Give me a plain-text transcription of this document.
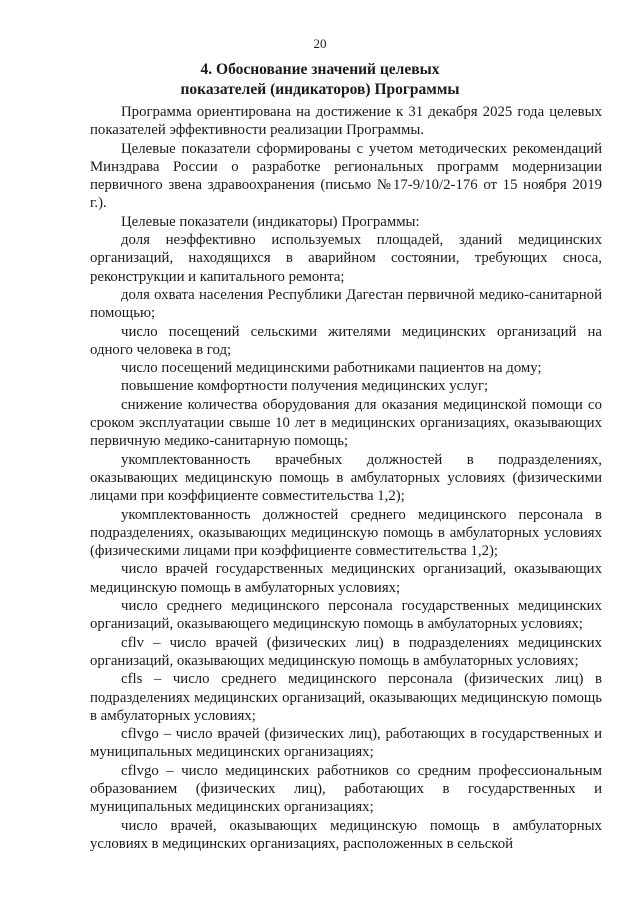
20
4. Обоснование значений целевых
показателей (индикаторов) Программы

Программа ориентирована на достижение к 31 декабря 2025 года целевых показателей эффективности реализации Программы.

Целевые показатели сформированы с учетом методических рекомендаций Минздрава России о разработке региональных программ модернизации первичного звена здравоохранения (письмо №17-9/10/2-176 от 15 ноября 2019 г.).

Целевые показатели (индикаторы) Программы:

доля неэффективно используемых площадей, зданий медицинских организаций, находящихся в аварийном состоянии, требующих сноса, реконструкции и капитального ремонта;

доля охвата населения Республики Дагестан первичной медико-санитарной помощью;

число посещений сельскими жителями медицинских организаций на одного человека в год;

число посещений медицинскими работниками пациентов на дому;

повышение комфортности получения медицинских услуг;

снижение количества оборудования для оказания медицинской помощи со сроком эксплуатации свыше 10 лет в медицинских организациях, оказывающих первичную медико-санитарную помощь;

укомплектованность врачебных должностей в подразделениях, оказывающих медицинскую помощь в амбулаторных условиях (физическими лицами при коэффициенте совместительства 1,2);

укомплектованность должностей среднего медицинского персонала в подразделениях, оказывающих медицинскую помощь в амбулаторных условиях (физическими лицами при коэффициенте совместительства 1,2);

число врачей государственных медицинских организаций, оказывающих медицинскую помощь в амбулаторных условиях;

число среднего медицинского персонала государственных медицинских организаций, оказывающего медицинскую помощь в амбулаторных условиях;

cflv – число врачей (физических лиц) в подразделениях медицинских организаций, оказывающих медицинскую помощь в амбулаторных условиях;

cfls – число среднего медицинского персонала (физических лиц) в подразделениях медицинских организаций, оказывающих медицинскую помощь в амбулаторных условиях;

cflvgo – число врачей (физических лиц), работающих в государственных и муниципальных медицинских организациях;

cflvgo – число медицинских работников со средним профессиональным образованием (физических лиц), работающих в государственных и муниципальных медицинских организациях;

число врачей, оказывающих медицинскую помощь в амбулаторных условиях в медицинских организациях, расположенных в сельской
